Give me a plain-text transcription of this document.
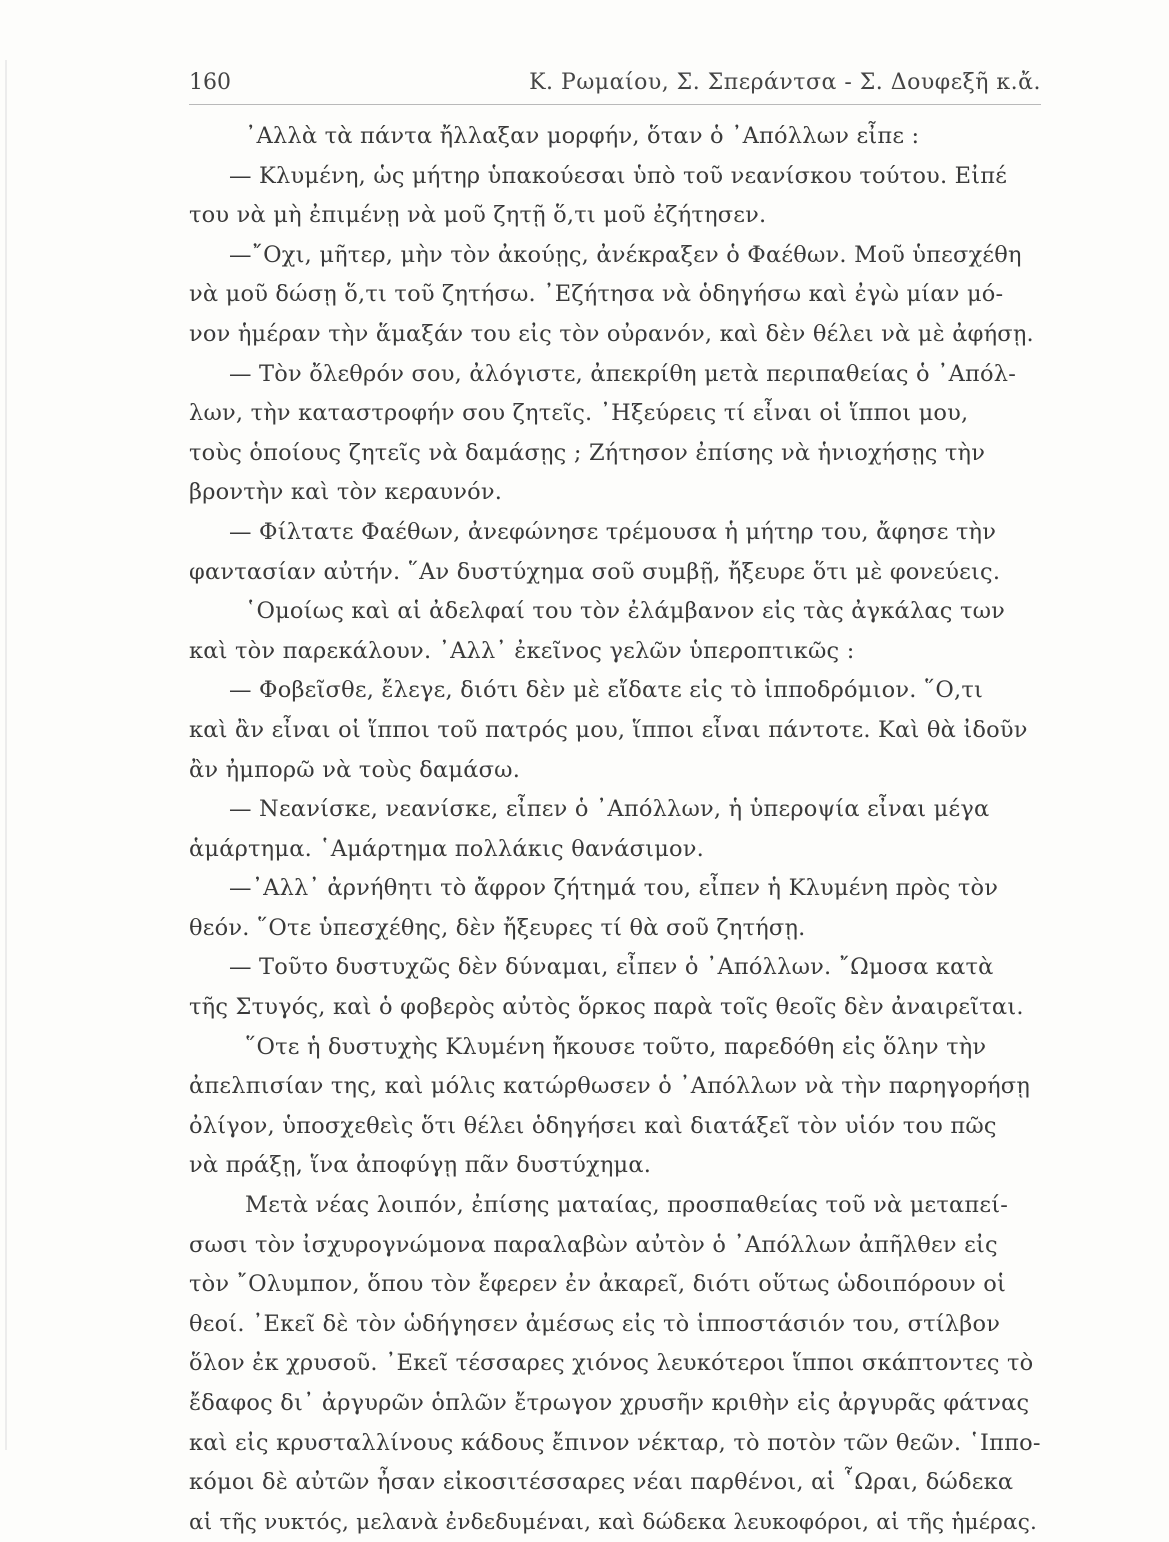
160	Κ. Ρωμαίου, Σ. Σπεράντσα - Σ. Δουφεξῆ κ.ἄ.
᾿Αλλὰ τὰ πάντα ἤλλαξαν μορφήν, ὅταν ὁ ᾿Απόλλων εἶπε :
— Κλυμένη, ὡς μήτηρ ὑπακούεσαι ὑπὸ τοῦ νεανίσκου τούτου. Εἰπέ
του νὰ μὴ ἐπιμένῃ νὰ μοῦ ζητῇ ὅ,τι μοῦ ἐζήτησεν.
—῎Οχι, μῆτερ, μὴν τὸν ἀκούῃς, ἀνέκραξεν ὁ Φαέθων. Μοῦ ὑπεσχέθη
νὰ μοῦ δώσῃ ὅ,τι τοῦ ζητήσω. ᾿Εζήτησα νὰ ὁδηγήσω καὶ ἐγὼ μίαν μό-
νον ἡμέραν τὴν ἅμαξάν του εἰς τὸν οὐρανόν, καὶ δὲν θέλει νὰ μὲ ἀφήσῃ.
— Τὸν ὄλεθρόν σου, ἀλόγιστε, ἀπεκρίθη μετὰ περιπαθείας ὁ ᾿Απόλ-
λων, τὴν καταστροφήν σου ζητεῖς. ᾿Ηξεύρεις τί εἶναι οἱ ἵπποι μου,
τοὺς ὁποίους ζητεῖς νὰ δαμάσῃς ; Ζήτησον ἐπίσης νὰ ἡνιοχήσῃς τὴν
βροντὴν καὶ τὸν κεραυνόν.
— Φίλτατε Φαέθων, ἀνεφώνησε τρέμουσα ἡ μήτηρ του, ἄφησε τὴν
φαντασίαν αὐτήν. ῞Αν δυστύχημα σοῦ συμβῇ, ἤξευρε ὅτι μὲ φονεύεις.
῾Ομοίως καὶ αἱ ἀδελφαί του τὸν ἐλάμβανον εἰς τὰς ἀγκάλας των
καὶ τὸν παρεκάλουν. ᾿Αλλ᾿ ἐκεῖνος γελῶν ὑπεροπτικῶς :
— Φοβεῖσθε, ἔλεγε, διότι δὲν μὲ εἴδατε εἰς τὸ ἱπποδρόμιον. ῞Ο,τι
καὶ ἂν εἶναι οἱ ἵπποι τοῦ πατρός μου, ἵπποι εἶναι πάντοτε. Καὶ θὰ ἰδοῦν
ἂν ἠμπορῶ νὰ τοὺς δαμάσω.
— Νεανίσκε, νεανίσκε, εἶπεν ὁ ᾿Απόλλων, ἡ ὑπεροψία εἶναι μέγα
ἁμάρτημα. ῾Αμάρτημα πολλάκις θανάσιμον.
—᾿Αλλ᾿ ἀρνήθητι τὸ ἄφρον ζήτημά του, εἶπεν ἡ Κλυμένη πρὸς τὸν
θεόν. ῞Οτε ὑπεσχέθης, δὲν ἤξευρες τί θὰ σοῦ ζητήσῃ.
— Τοῦτο δυστυχῶς δὲν δύναμαι, εἶπεν ὁ ᾿Απόλλων. ῎Ωμοσα κατὰ
τῆς Στυγός, καὶ ὁ φοβερὸς αὐτὸς ὅρκος παρὰ τοῖς θεοῖς δὲν ἀναιρεῖται.
῞Οτε ἡ δυστυχὴς Κλυμένη ἤκουσε τοῦτο, παρεδόθη εἰς ὅλην τὴν
ἀπελπισίαν της, καὶ μόλις κατώρθωσεν ὁ ᾿Απόλλων νὰ τὴν παρηγορήσῃ
ὀλίγον, ὑποσχεθεὶς ὅτι θέλει ὁδηγήσει καὶ διατάξεῖ τὸν υἱόν του πῶς
νὰ πράξῃ, ἵνα ἀποφύγῃ πᾶν δυστύχημα.
Μετὰ νέας λοιπόν, ἐπίσης ματαίας, προσπαθείας τοῦ νὰ μεταπεί-
σωσι τὸν ἰσχυρογνώμονα παραλαβὼν αὐτὸν ὁ ᾿Απόλλων ἀπῆλθεν εἰς
τὸν ῎Ολυμπον, ὅπου τὸν ἔφερεν ἐν ἀκαρεῖ, διότι οὕτως ὡδοιπόρουν οἱ
θεοί. ᾿Εκεῖ δὲ τὸν ὡδήγησεν ἀμέσως εἰς τὸ ἱπποστάσιόν του, στίλβον
ὅλον ἐκ χρυσοῦ. ᾿Εκεῖ τέσσαρες χιόνος λευκότεροι ἵπποι σκάπτοντες τὸ
ἔδαφος δι᾿ ἀργυρῶν ὁπλῶν ἔτρωγον χρυσῆν κριθὴν εἰς ἀργυρᾶς φάτνας
καὶ εἰς κρυσταλλίνους κάδους ἔπινον νέκταρ, τὸ ποτὸν τῶν θεῶν. ῾Ιππο-
κόμοι δὲ αὐτῶν ἦσαν εἰκοσιτέσσαρες νέαι παρθένοι, αἱ ῟Ωραι, δώδεκα
αἱ τῆς νυκτός, μελανὰ ἐνδεδυμέναι, καὶ δώδεκα λευκοφόροι, αἱ τῆς ἡμέρας.
